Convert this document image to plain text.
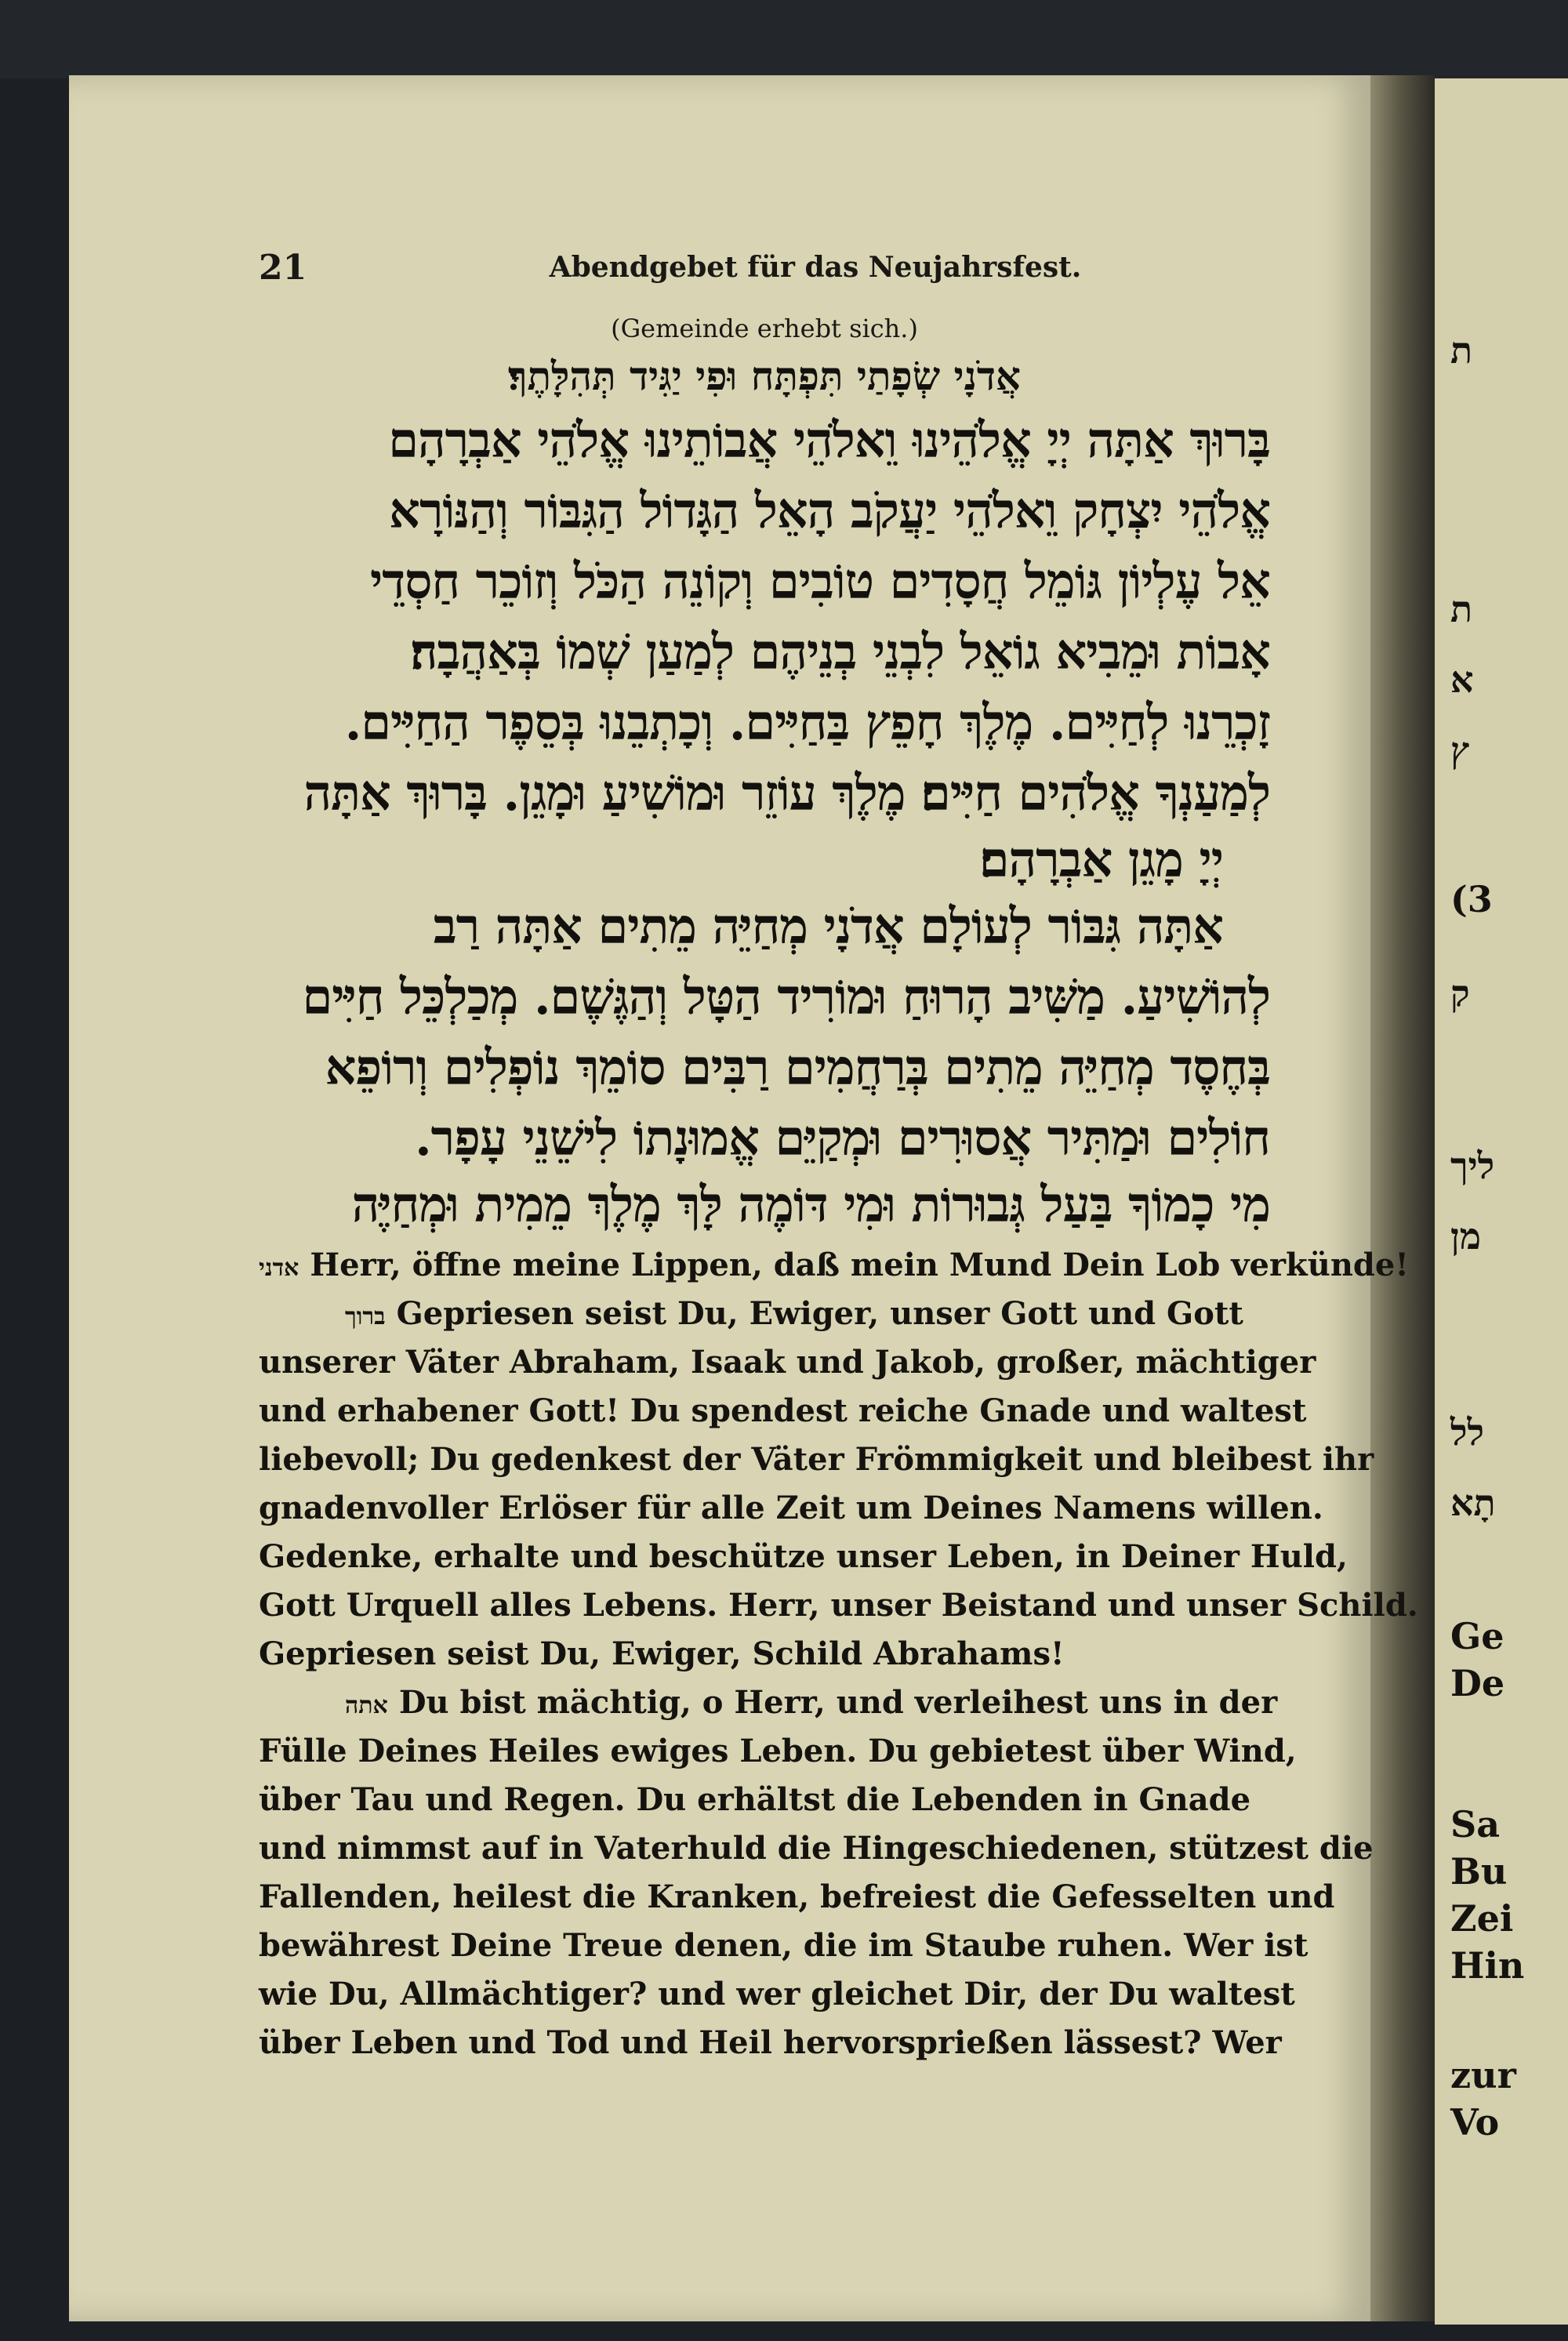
ת
ת
א
ץ
(3
ק
ליך
מן
לל
תָא
Ge
De
Sa
Bu
Zei
Hin
zur
Vo
21	Abendgebet für das Neujahrsfest.
(Gemeinde erhebt sich.)
אֲדֹנָי שְׂפָתַי תִּפְתָּח וּפִי יַגִּיד תְּהִלָּתֶךָ׃
בָּרוּךְ אַתָּה יְיָ אֱלֹהֵינוּ וֵאלֹהֵי אֲבוֹתֵינוּ אֱלֹהֵי אַבְרָהָם
אֱלֹהֵי יִצְחָק וֵאלֹהֵי יַעֲקֹב הָאֵל הַגָּדוֹל הַגִּבּוֹר וְהַנּוֹרָא
אֵל עֶלְיוֹן גּוֹמֵל חֲסָדִים טוֹבִים וְקוֹנֵה הַכֹּל וְזוֹכֵר חַסְדֵי
אָבוֹת וּמֵבִיא גוֹאֵל לִבְנֵי בְנֵיהֶם לְמַעַן שְׁמוֹ בְּאַהֲבָה׃
זָכְרֵנוּ לְחַיִּים. מֶלֶךְ חָפֵץ בַּחַיִּים. וְכָתְבֵנוּ בְּסֵפֶר הַחַיִּים.
לְמַעַנְךָ אֱלֹהִים חַיִּים׃ מֶלֶךְ עוֹזֵר וּמוֹשִׁיעַ וּמָגֵן. בָּרוּךְ אַתָּה
יְיָ מָגֵן אַבְרָהָם׃
אַתָּה גִּבּוֹר לְעוֹלָם אֲדֹנָי מְחַיֵּה מֵתִים אַתָּה רַב
לְהוֹשִׁיעַ. מַשִּׁיב הָרוּחַ וּמוֹרִיד הַטָּל וְהַגֶּשֶׁם. מְכַלְכֵּל חַיִּים
בְּחֶסֶד מְחַיֵּה מֵתִים בְּרַחֲמִים רַבִּים סוֹמֵךְ נוֹפְלִים וְרוֹפֵא
חוֹלִים וּמַתִּיר אֲסוּרִים וּמְקַיֵּם אֱמוּנָתוֹ לִישֵׁנֵי עָפָר.
מִי כָמוֹךָ בַּעַל גְּבוּרוֹת וּמִי דּוֹמֶה לָּךְ מֶלֶךְ מֵמִית וּמְחַיֶּה
אדני Herr, öffne meine Lippen, daß mein Mund Dein Lob verkünde!
ברוך Gepriesen seist Du, Ewiger, unser Gott und Gott
unserer Väter Abraham, Isaak und Jakob, großer, mächtiger
und erhabener Gott! Du spendest reiche Gnade und waltest
liebevoll; Du gedenkest der Väter Frömmigkeit und bleibest ihr
gnadenvoller Erlöser für alle Zeit um Deines Namens willen.
Gedenke, erhalte und beschütze unser Leben, in Deiner Huld,
Gott Urquell alles Lebens. Herr, unser Beistand und unser Schild.
Gepriesen seist Du, Ewiger, Schild Abrahams!
אתה Du bist mächtig, o Herr, und verleihest uns in der
Fülle Deines Heiles ewiges Leben. Du gebietest über Wind,
über Tau und Regen. Du erhältst die Lebenden in Gnade
und nimmst auf in Vaterhuld die Hingeschiedenen, stützest die
Fallenden, heilest die Kranken, befreiest die Gefesselten und
bewährest Deine Treue denen, die im Staube ruhen. Wer ist
wie Du, Allmächtiger? und wer gleichet Dir, der Du waltest
über Leben und Tod und Heil hervorsprießen lässest? Wer
